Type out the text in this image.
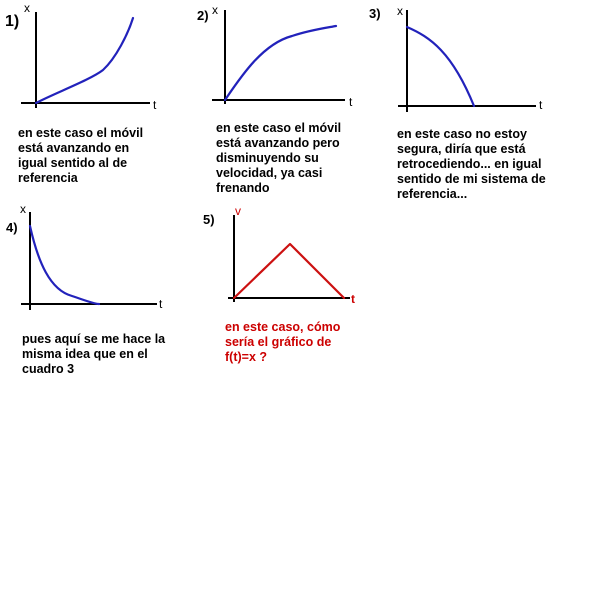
1)
x
t
2) x
t
3) x
t
4)
x
t
5)
v
t
en este caso el móvil
está avanzando en
igual sentido al de
referencia
en este caso el móvil
está avanzando pero
disminuyendo su
velocidad, ya casi
frenando
en este caso no estoy
segura, diría que está
retrocediendo... en igual
sentido de mi sistema de
referencia...
pues aquí se me hace la
misma idea que en el
cuadro 3
en este caso, cómo
sería el gráfico de
f(t)=x ?
